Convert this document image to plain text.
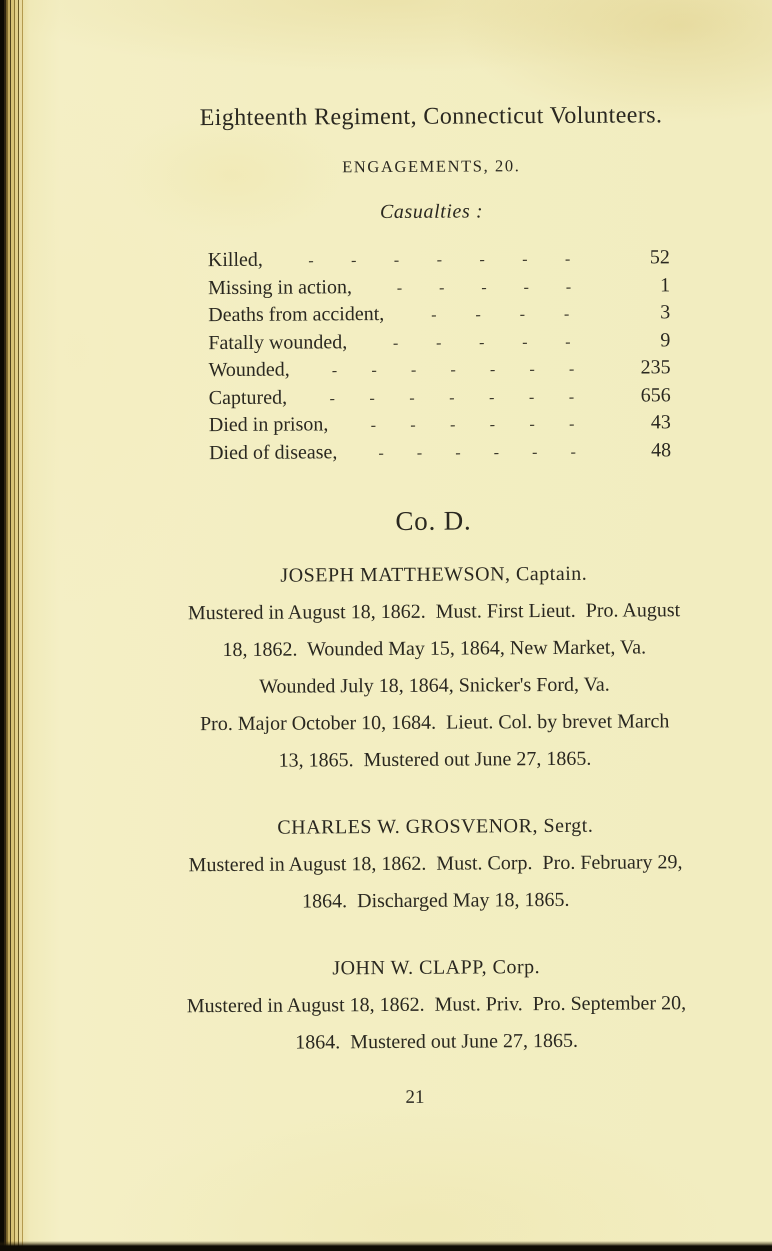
Eighteenth Regiment, Connecticut Volunteers.
ENGAGEMENTS, 20.
Casualties :
Killed,	- - - - - - -	52
Missing in action,	- - - - -	1
Deaths from accident,	- - - -	3
Fatally wounded,	- - - - -	9
Wounded,	- - - - - - -	235
Captured,	- - - - - - -	656
Died in prison,	- - - - - -	43
Died of disease,	- - - - - -	48
Co. D.
JOSEPH MATTHEWSON, Captain.
Mustered in August 18, 1862.  Must. First Lieut.  Pro. August
18, 1862.  Wounded May 15, 1864, New Market, Va.
Wounded July 18, 1864, Snicker's Ford, Va.
Pro. Major October 10, 1684.  Lieut. Col. by brevet March
13, 1865.  Mustered out June 27, 1865.
CHARLES W. GROSVENOR, Sergt.
Mustered in August 18, 1862.  Must. Corp.  Pro. February 29,
1864.  Discharged May 18, 1865.
JOHN W. CLAPP, Corp.
Mustered in August 18, 1862.  Must. Priv.  Pro. September 20,
1864.  Mustered out June 27, 1865.
21
